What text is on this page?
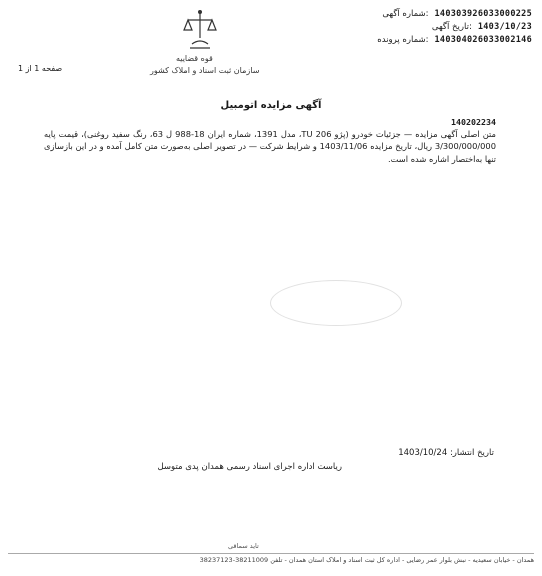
قوه قضاییه
سازمان ثبت اسناد و املاک کشور
شماره آگهی: 140303926033000225
تاریخ آگهی: 1403/10/23
شماره پرونده: 140304026033002146
صفحه 1 از 1
آگهی مزایده اتومبیل
140202234
متن اصلی آگهی مزایده — جزئیات خودرو (پژو 206 TU، مدل 1391، شماره ایران 18-988 ل 63، رنگ سفید روغنی)، قیمت پایه 3/300/000/000 ریال، تاریخ مزایده 1403/11/06 و شرایط شرکت — در تصویر اصلی به‌صورت متن کامل آمده و در این بازسازی تنها به‌اختصار اشاره شده است.
تاریخ انتشار: 1403/10/24
ریاست اداره اجرای اسناد رسمی همدان پدی متوسل
تاید سماقی
همدان - خیابان سعیدیه - نبش بلوار عمر رضایی - اداره کل ثبت اسناد و املاک استان همدان - تلفن 38211009-38237123
